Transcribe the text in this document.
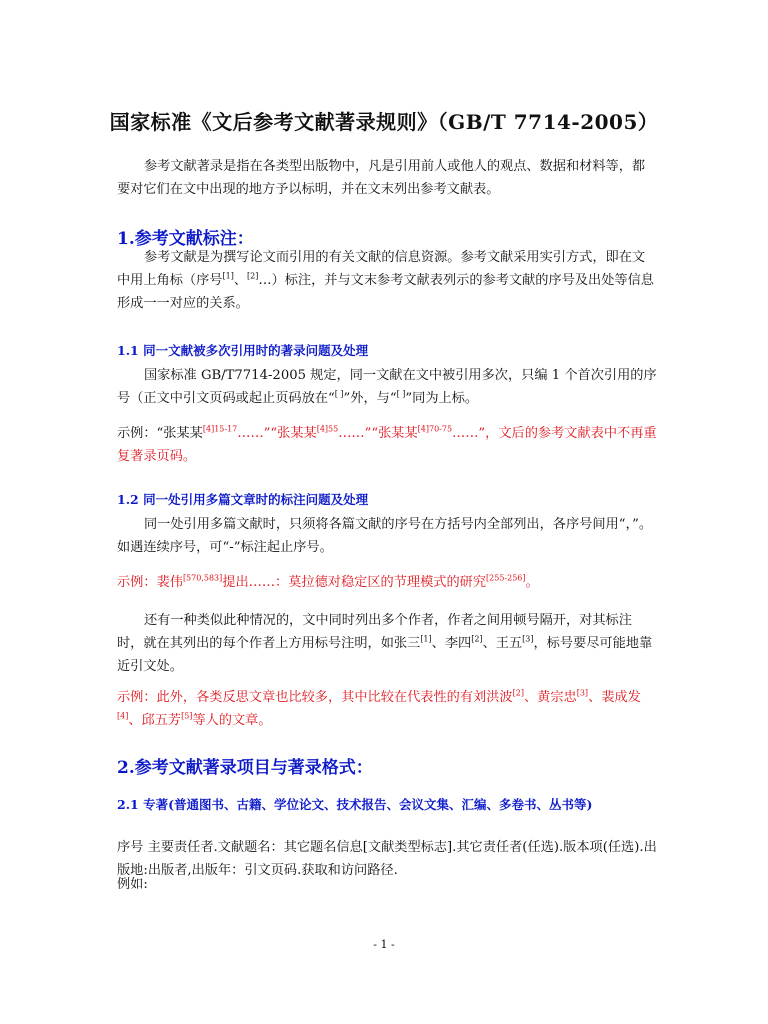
国家标准《文后参考文献著录规则》（GB/T 7714-2005）
参考文献著录是指在各类型出版物中，凡是引用前人或他人的观点、数据和材料等，都要对它们在文中出现的地方予以标明，并在文末列出参考文献表。
1.参考文献标注：
参考文献是为撰写论文而引用的有关文献的信息资源。参考文献采用实引方式，即在文中用上角标（序号[1]、[2]…）标注，并与文末参考文献表列示的参考文献的序号及出处等信息形成一一对应的关系。
1.1 同一文献被多次引用时的著录问题及处理
国家标准 GB/T7714-2005 规定，同一文献在文中被引用多次，只编 1 个首次引用的序号（正文中引文页码或起止页码放在“[ ]”外，与“[ ]”同为上标。
示例：“张某某$^{[4]15-17}$……”“张某某$^{[4]55}$……”“张某某$^{[4]70-75}$……”，文后的参考文献表中不再重复著录页码。
1.2 同一处引用多篇文章时的标注问题及处理
同一处引用多篇文献时，只须将各篇文献的序号在方括号内全部列出，各序号间用“，”。如遇连续序号，可“-”标注起止序号。
示例：裴伟[570,583]提出……：莫拉德对稳定区的节理模式的研究[255-256]。
还有一种类似此种情况的，文中同时列出多个作者，作者之间用顿号隔开，对其标注时，就在其列出的每个作者上方用标号注明，如张三[1]、李四[2]、王五[3]，标号要尽可能地靠近引文处。
示例：此外，各类反思文章也比较多，其中比较在代表性的有刘洪波[2]、黄宗忠[3]、裴成发[4]、邱五芳[5]等人的文章。
2.参考文献著录项目与著录格式：
2.1 专著(普通图书、古籍、学位论文、技术报告、会议文集、汇编、多卷书、丛书等)
序号 主要责任者.文献题名：其它题名信息[文献类型标志].其它责任者(任选).版本项(任选).出版地:出版者,出版年：引文页码.获取和访问路径.
例如:
- 1 -
